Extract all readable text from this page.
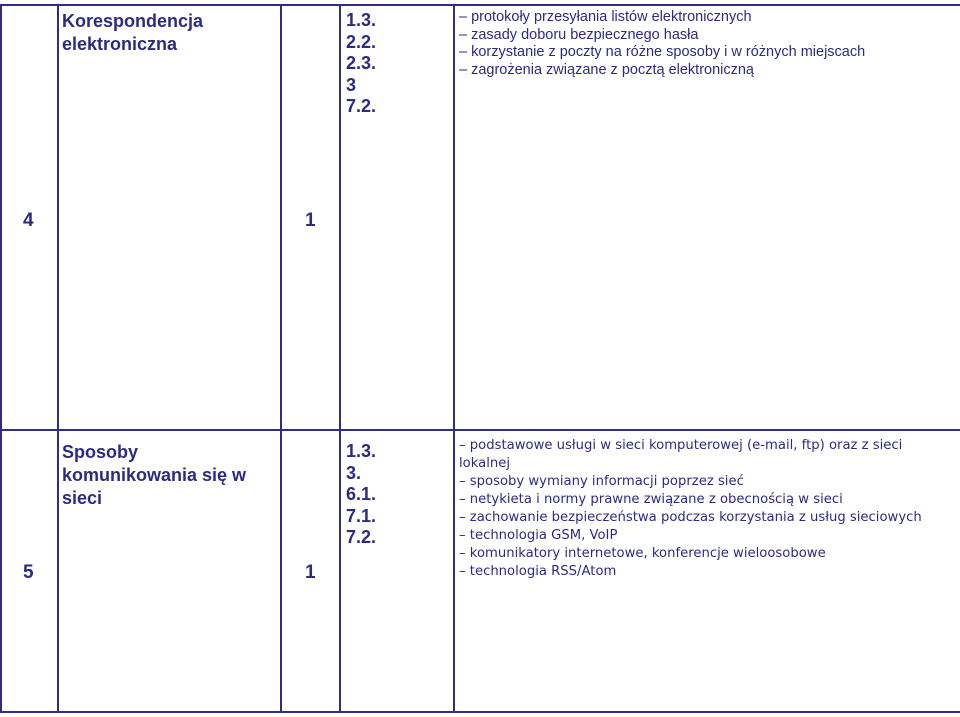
Korespondencja elektroniczna
1.3.
2.2.
2.3.
3
7.2.
– protokoły przesyłania listów elektronicznych
– zasady doboru bezpiecznego hasła
– korzystanie z poczty na różne sposoby i w różnych miejscach
– zagrożenia związane z pocztą elektroniczną
4	1
5
Sposoby komunikowania się w sieci
1
1.3.
3.
6.1.
7.1.
7.2.
– podstawowe usługi w sieci komputerowej (e-mail, ftp) oraz z sieci
lokalnej
– sposoby wymiany informacji poprzez sieć
– netykieta i normy prawne związane z obecnością w sieci
– zachowanie bezpieczeństwa podczas korzystania z usług sieciowych
– technologia GSM, VoIP
– komunikatory internetowe, konferencje wieloosobowe
– technologia RSS/Atom
